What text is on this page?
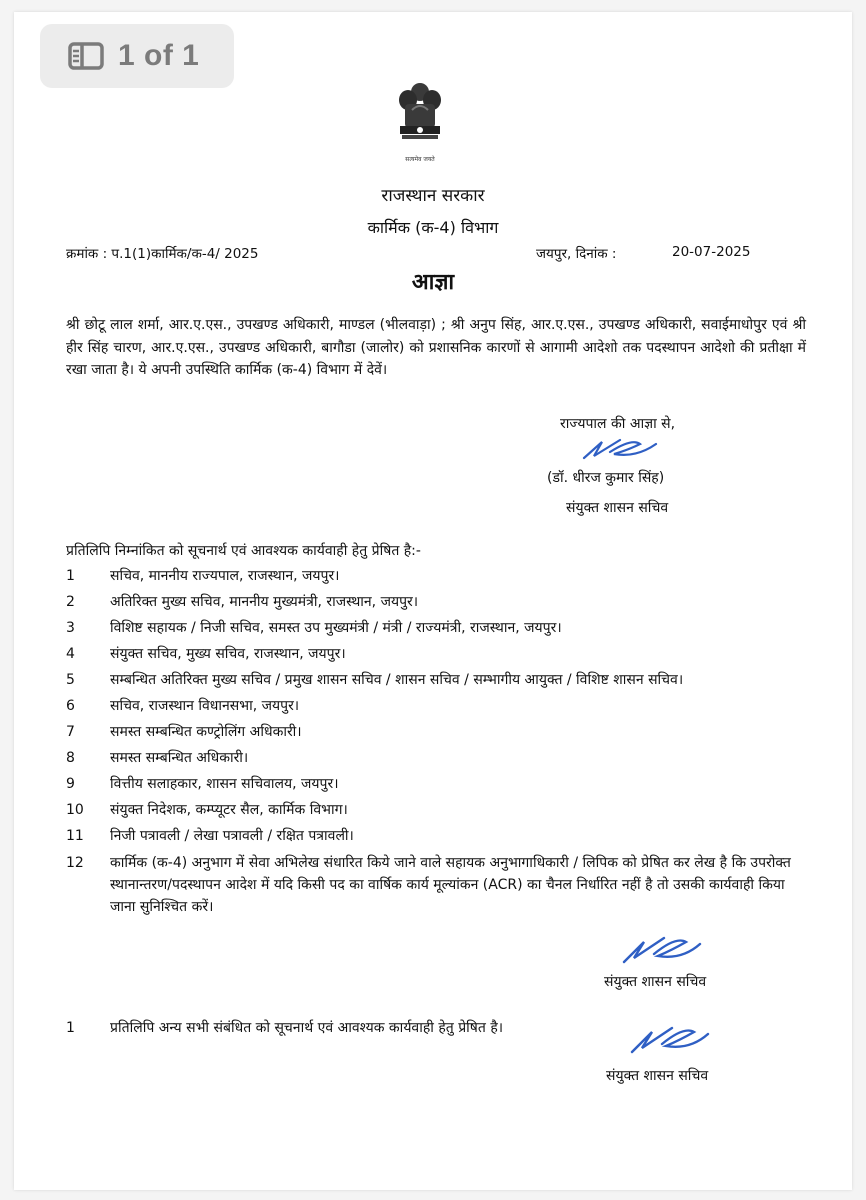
1 of 1
सत्यमेव जयते
राजस्थान सरकार
कार्मिक (क-4) विभाग
क्रमांक : प.1(1)कार्मिक/क-4/ 2025	जयपुर, दिनांक :	20-07-2025
आज्ञा
श्री छोटू लाल शर्मा, आर.ए.एस., उपखण्ड अधिकारी, माण्डल (भीलवाड़ा) ; श्री अनुप सिंह, आर.ए.एस., उपखण्ड अधिकारी, सवाईमाधोपुर एवं श्री हीर सिंह चारण, आर.ए.एस., उपखण्ड अधिकारी, बागौडा (जालोर) को प्रशासनिक कारणों से आगामी आदेशो तक पदस्थापन आदेशो की प्रतीक्षा में रखा जाता है। ये अपनी उपस्थिति कार्मिक (क-4) विभाग में देवें।
राज्यपाल की आज्ञा से,
(डॉ. धीरज कुमार सिंह)
संयुक्त शासन सचिव
प्रतिलिपि निम्नांकित को सूचनार्थ एवं आवश्यक कार्यवाही हेतु प्रेषित है:-
1	सचिव, माननीय राज्यपाल, राजस्थान, जयपुर।
2	अतिरिक्त मुख्य सचिव, माननीय मुख्यमंत्री, राजस्थान, जयपुर।
3	विशिष्ट सहायक / निजी सचिव, समस्त उप मुख्यमंत्री / मंत्री / राज्यमंत्री, राजस्थान, जयपुर।
4	संयुक्त सचिव, मुख्य सचिव, राजस्थान, जयपुर।
5	सम्बन्धित अतिरिक्त मुख्य सचिव / प्रमुख शासन सचिव / शासन सचिव / सम्भागीय आयुक्त / विशिष्ट शासन सचिव।
6	सचिव, राजस्थान विधानसभा, जयपुर।
7	समस्त सम्बन्धित कण्ट्रोलिंग अधिकारी।
8	समस्त सम्बन्धित अधिकारी।
9	वित्तीय सलाहकार, शासन सचिवालय, जयपुर।
10	संयुक्त निदेशक, कम्प्यूटर सैल, कार्मिक विभाग।
11	निजी पत्रावली / लेखा पत्रावली / रक्षित पत्रावली।
12	कार्मिक (क-4) अनुभाग में सेवा अभिलेख संधारित किये जाने वाले सहायक अनुभागाधिकारी / लिपिक को प्रेषित कर लेख है कि उपरोक्त स्थानान्तरण/पदस्थापन आदेश में यदि किसी पद का वार्षिक कार्य मूल्यांकन (ACR) का चैनल निर्धारित नहीं है तो उसकी कार्यवाही किया जाना सुनिश्चित करें।
संयुक्त शासन सचिव
1	प्रतिलिपि अन्य सभी संबंधित को सूचनार्थ एवं आवश्यक कार्यवाही हेतु प्रेषित है।
संयुक्त शासन सचिव
